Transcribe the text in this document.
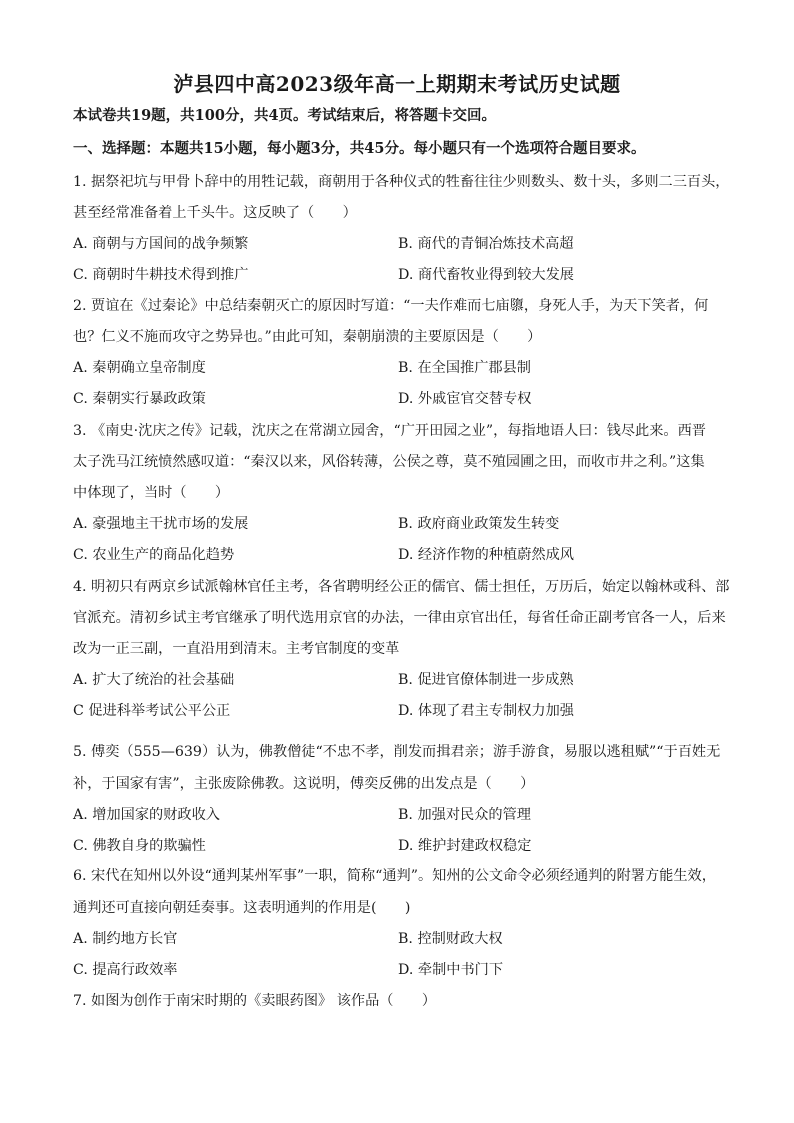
泸县四中高2023级年高一上期期末考试历史试题
本试卷共19题，共100分，共4页。考试结束后，将答题卡交回。
一、选择题：本题共15小题，每小题3分，共45分。每小题只有一个选项符合题目要求。
1. 据祭祀坑与甲骨卜辞中的用牲记载，商朝用于各种仪式的牲畜往往少则数头、数十头，多则二三百头，
甚至经常准备着上千头牛。这反映了（　　）
A. 商朝与方国间的战争频繁	B. 商代的青铜冶炼技术高超
C. 商朝时牛耕技术得到推广	D. 商代畜牧业得到较大发展
2. 贾谊在《过秦论》中总结秦朝灭亡的原因时写道：“一夫作难而七庙隳，身死人手，为天下笑者，何
也？仁义不施而攻守之势异也。”由此可知，秦朝崩溃的主要原因是（　　）
A. 秦朝确立皇帝制度	B. 在全国推广郡县制
C. 秦朝实行暴政政策	D. 外戚宦官交替专权
3. 《南史·沈庆之传》记载，沈庆之在常湖立园舍，“广开田园之业”，每指地语人曰：钱尽此来。西晋
太子洗马江统愤然感叹道：“秦汉以来，风俗转薄，公侯之尊，莫不殖园圃之田，而收市井之利。”这集
中体现了，当时（　　）
A. 豪强地主干扰市场的发展	B. 政府商业政策发生转变
C. 农业生产的商品化趋势	D. 经济作物的种植蔚然成风
4. 明初只有两京乡试派翰林官任主考，各省聘明经公正的儒官、儒士担任，万历后，始定以翰林或科、部
官派充。清初乡试主考官继承了明代选用京官的办法，一律由京官出任，每省任命正副考官各一人，后来
改为一正三副，一直沿用到清末。主考官制度的变革
A. 扩大了统治的社会基础	B. 促进官僚体制进一步成熟
C 促进科举考试公平公正	D. 体现了君主专制权力加强
5. 傅奕（555—639）认为，佛教僧徒“不忠不孝，削发而揖君亲；游手游食，易服以逃租赋”“于百姓无
补，于国家有害”，主张废除佛教。这说明，傅奕反佛的出发点是（　　）
A. 增加国家的财政收入	B. 加强对民众的管理
C. 佛教自身的欺骗性	D. 维护封建政权稳定
6. 宋代在知州以外设“通判某州军事”一职，简称“通判”。知州的公文命令必须经通判的附署方能生效，
通判还可直接向朝廷奏事。这表明通判的作用是(　　)
A. 制约地方长官	B. 控制财政大权
C. 提高行政效率	D. 牵制中书门下
7. 如图为创作于南宋时期的《卖眼药图》 该作品（　　）
